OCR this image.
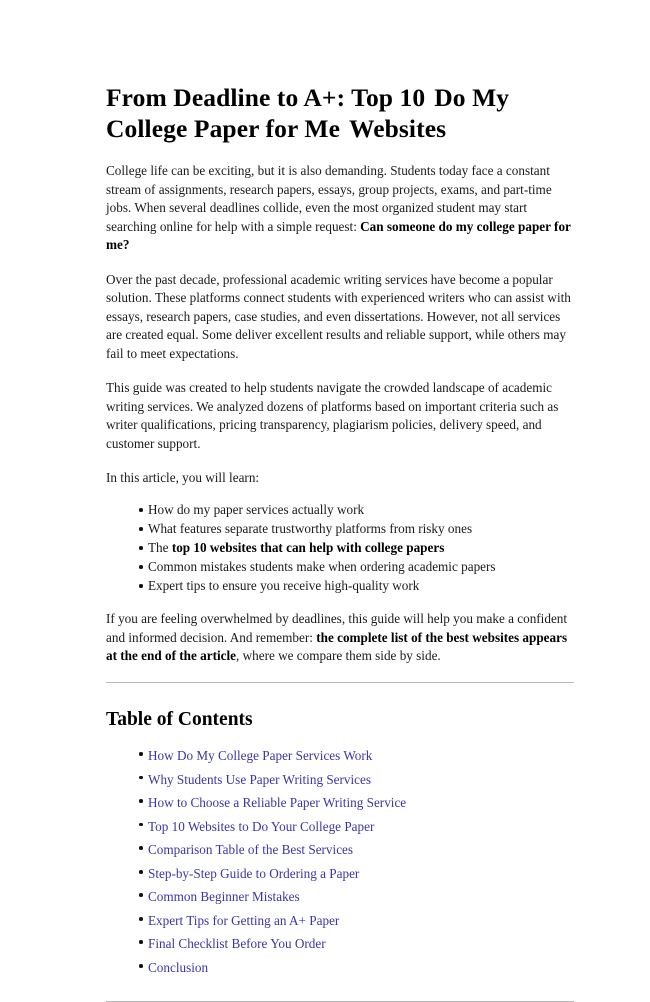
From Deadline to A+: Top 10 Do My College Paper for Me Websites

College life can be exciting, but it is also demanding. Students today face a constant stream of assignments, research papers, essays, group projects, exams, and part-time jobs. When several deadlines collide, even the most organized student may start searching online for help with a simple request: Can someone do my college paper for me?

Over the past decade, professional academic writing services have become a popular solution. These platforms connect students with experienced writers who can assist with essays, research papers, case studies, and even dissertations. However, not all services are created equal. Some deliver excellent results and reliable support, while others may fail to meet expectations.

This guide was created to help students navigate the crowded landscape of academic writing services. We analyzed dozens of platforms based on important criteria such as writer qualifications, pricing transparency, plagiarism policies, delivery speed, and customer support.

In this article, you will learn:

How do my paper services actually work
What features separate trustworthy platforms from risky ones
The top 10 websites that can help with college papers
Common mistakes students make when ordering academic papers
Expert tips to ensure you receive high-quality work

If you are feeling overwhelmed by deadlines, this guide will help you make a confident and informed decision. And remember: the complete list of the best websites appears at the end of the article, where we compare them side by side.

Table of Contents
How Do My College Paper Services Work
Why Students Use Paper Writing Services
How to Choose a Reliable Paper Writing Service
Top 10 Websites to Do Your College Paper
Comparison Table of the Best Services
Step-by-Step Guide to Ordering a Paper
Common Beginner Mistakes
Expert Tips for Getting an A+ Paper
Final Checklist Before You Order
Conclusion
